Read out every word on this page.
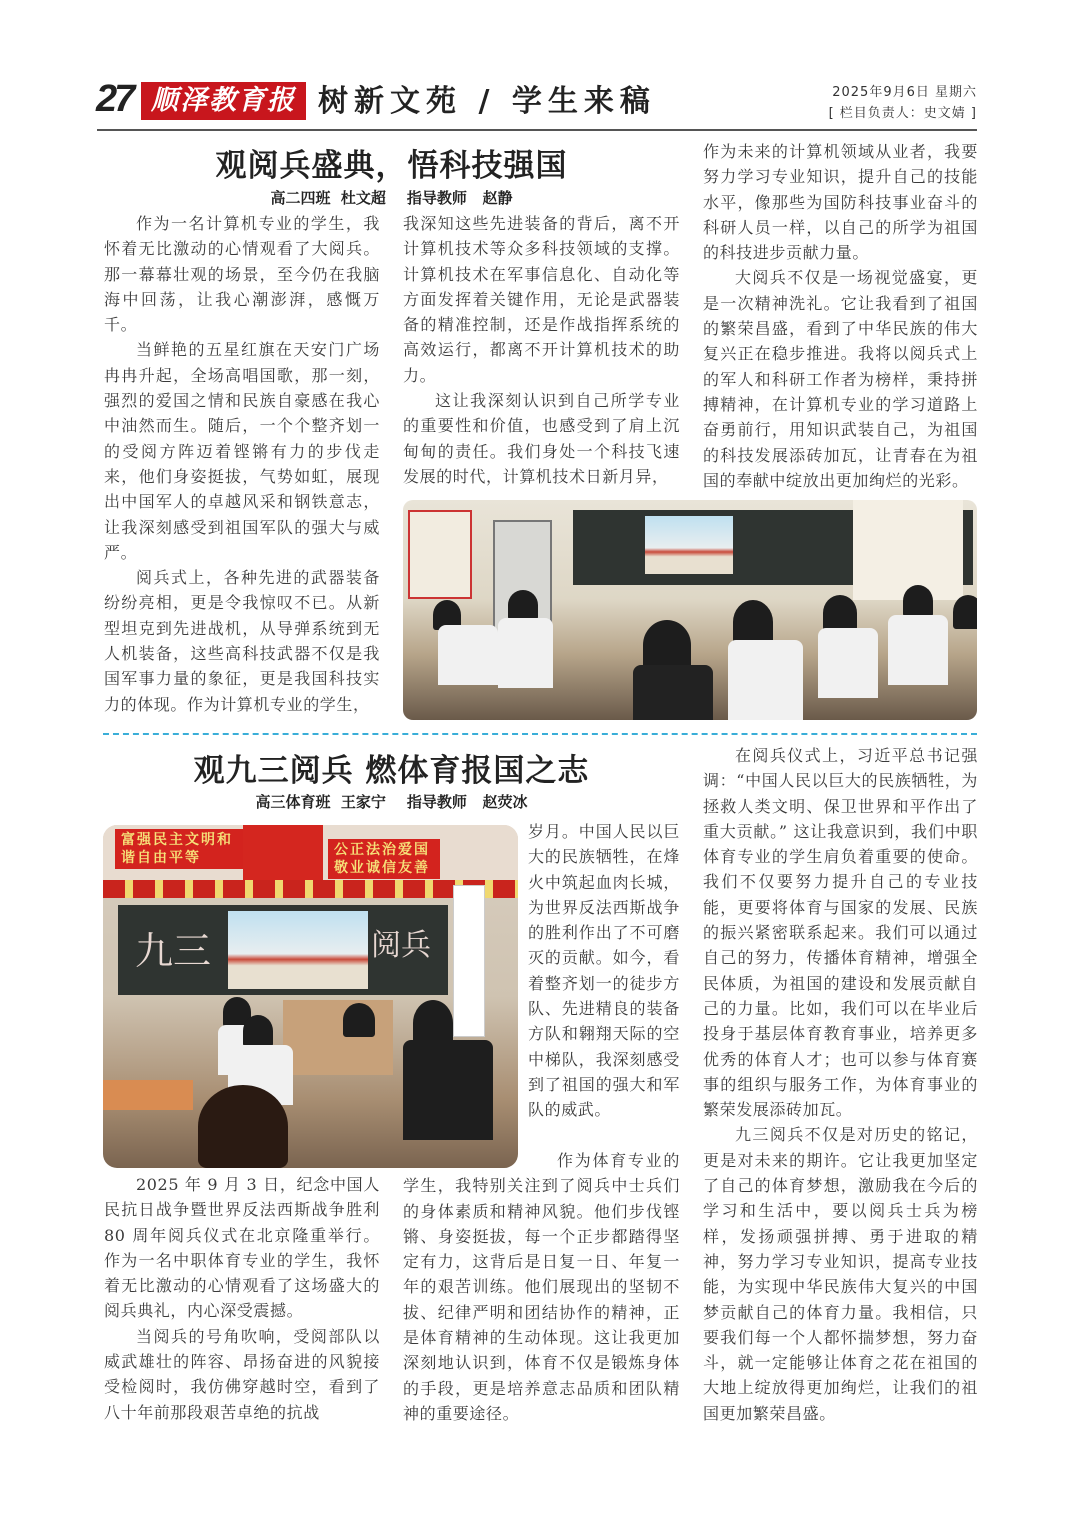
27 顺泽教育报 树新文苑 / 学生来稿	2025年9月6日 星期六
[ 栏目负责人：史文婧 ]
观阅兵盛典，悟科技强国
高二四班  杜文超    指导教师   赵静

作为一名计算机专业的学生，我怀着无比激动的心情观看了大阅兵。那一幕幕壮观的场景，至今仍在我脑海中回荡，让我心潮澎湃，感慨万千。

当鲜艳的五星红旗在天安门广场冉冉升起，全场高唱国歌，那一刻，强烈的爱国之情和民族自豪感在我心中油然而生。随后，一个个整齐划一的受阅方阵迈着铿锵有力的步伐走来，他们身姿挺拔，气势如虹，展现出中国军人的卓越风采和钢铁意志，让我深刻感受到祖国军队的强大与威严。

阅兵式上，各种先进的武器装备纷纷亮相，更是令我惊叹不已。从新型坦克到先进战机，从导弹系统到无人机装备，这些高科技武器不仅是我国军事力量的象征，更是我国科技实力的体现。作为计算机专业的学生，

我深知这些先进装备的背后，离不开计算机技术等众多科技领域的支撑。计算机技术在军事信息化、自动化等方面发挥着关键作用，无论是武器装备的精准控制，还是作战指挥系统的高效运行，都离不开计算机技术的助力。

这让我深刻认识到自己所学专业的重要性和价值，也感受到了肩上沉甸甸的责任。我们身处一个科技飞速发展的时代，计算机技术日新月异，

作为未来的计算机领域从业者，我要努力学习专业知识，提升自己的技能水平，像那些为国防科技事业奋斗的科研人员一样，以自己的所学为祖国的科技进步贡献力量。

大阅兵不仅是一场视觉盛宴，更是一次精神洗礼。它让我看到了祖国的繁荣昌盛，看到了中华民族的伟大复兴正在稳步推进。我将以阅兵式上的军人和科研工作者为榜样，秉持拼搏精神，在计算机专业的学习道路上奋勇前行，用知识武装自己，为祖国的科技发展添砖加瓦，让青春在为祖国的奉献中绽放出更加绚烂的光彩。

观九三阅兵 燃体育报国之志
高三体育班  王家宁    指导教师   赵荧冰
富强民主文明和谐自由平等	公正法治爱国敬业诚信友善
九三	阅兵

2025 年 9 月 3 日，纪念中国人民抗日战争暨世界反法西斯战争胜利 80 周年阅兵仪式在北京隆重举行。作为一名中职体育专业的学生，我怀着无比激动的心情观看了这场盛大的阅兵典礼，内心深受震撼。

当阅兵的号角吹响，受阅部队以威武雄壮的阵容、昂扬奋进的风貌接受检阅时，我仿佛穿越时空，看到了八十年前那段艰苦卓绝的抗战

岁月。中国人民以巨大的民族牺牲，在烽火中筑起血肉长城，为世界反法西斯战争的胜利作出了不可磨灭的贡献。如今，看着整齐划一的徒步方队、先进精良的装备方队和翱翔天际的空中梯队，我深刻感受到了祖国的强大和军队的威武。

作为体育专业的学生，我特别关注到了阅兵中士兵们的身体素质和精神风貌。他们步伐铿锵、身姿挺拔，每一个正步都踏得坚定有力，这背后是日复一日、年复一年的艰苦训练。他们展现出的坚韧不拔、纪律严明和团结协作的精神，正是体育精神的生动体现。这让我更加深刻地认识到，体育不仅是锻炼身体的手段，更是培养意志品质和团队精神的重要途径。

在阅兵仪式上，习近平总书记强调：“中国人民以巨大的民族牺牲，为拯救人类文明、保卫世界和平作出了重大贡献。” 这让我意识到，我们中职体育专业的学生肩负着重要的使命。我们不仅要努力提升自己的专业技能，更要将体育与国家的发展、民族的振兴紧密联系起来。我们可以通过自己的努力，传播体育精神，增强全民体质，为祖国的建设和发展贡献自己的力量。比如，我们可以在毕业后投身于基层体育教育事业，培养更多优秀的体育人才；也可以参与体育赛事的组织与服务工作，为体育事业的繁荣发展添砖加瓦。

九三阅兵不仅是对历史的铭记，更是对未来的期许。它让我更加坚定了自己的体育梦想，激励我在今后的学习和生活中，要以阅兵士兵为榜样，发扬顽强拼搏、勇于进取的精神，努力学习专业知识，提高专业技能，为实现中华民族伟大复兴的中国梦贡献自己的体育力量。我相信，只要我们每一个人都怀揣梦想，努力奋斗，就一定能够让体育之花在祖国的大地上绽放得更加绚烂，让我们的祖国更加繁荣昌盛。
